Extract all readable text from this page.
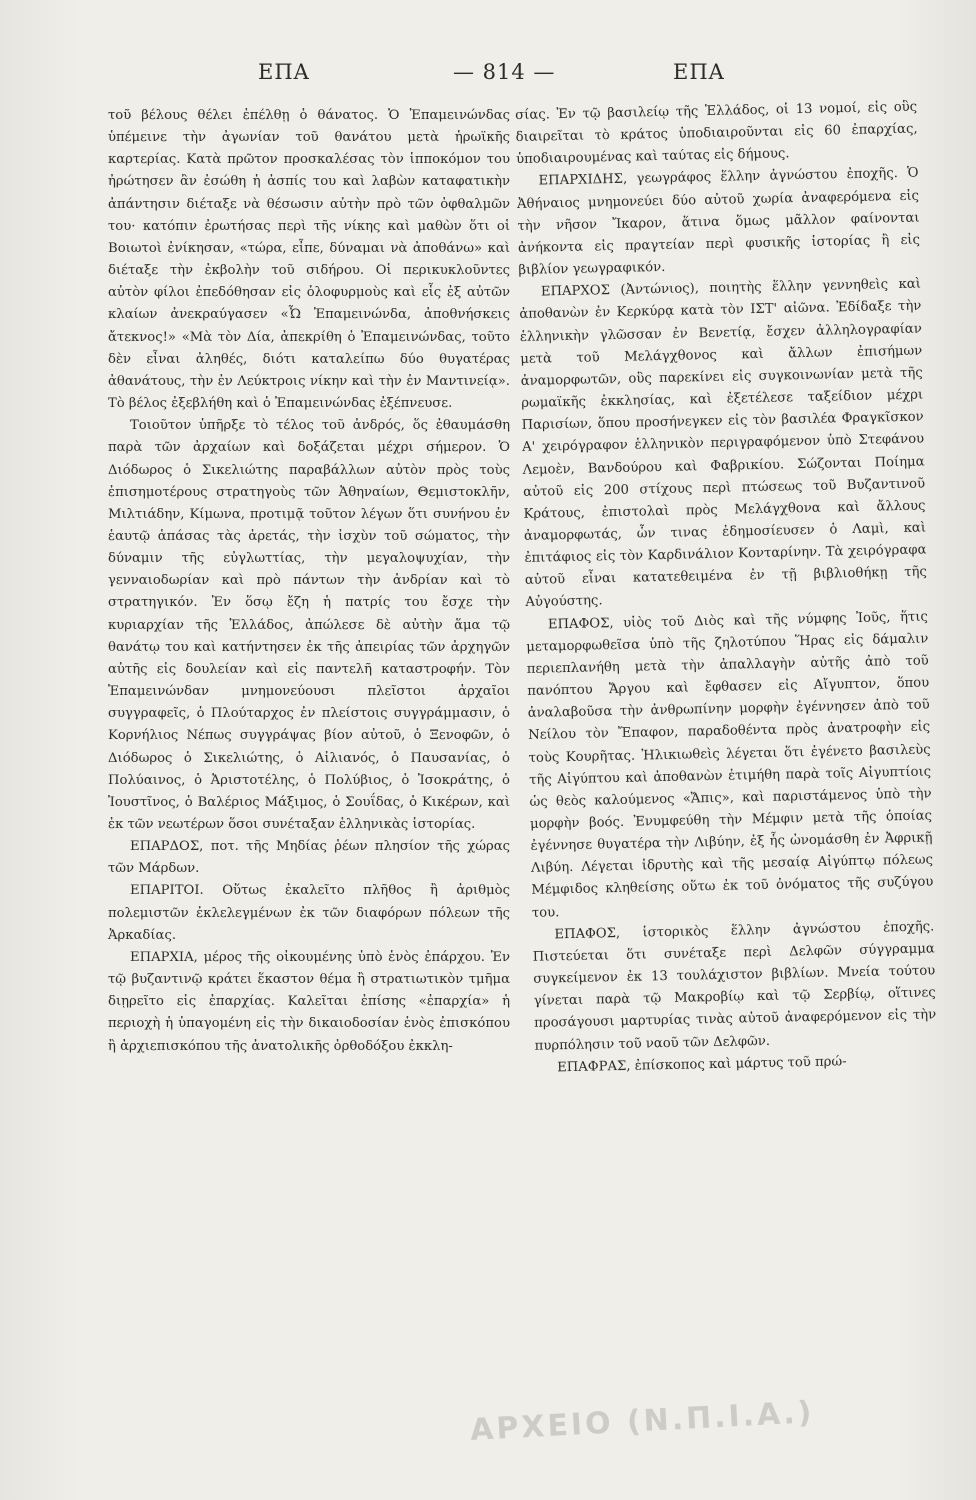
ΕΠΑ	— 814 —	ΕΠΑ

τοῦ βέλους θέλει ἐπέλθῃ ὁ θάνατος. Ὁ Ἐπαμεινώνδας ὑπέμεινε τὴν ἀγωνίαν τοῦ θανάτου μετὰ ἡρωϊκῆς καρτερίας. Κατὰ πρῶτον προσκαλέσας τὸν ἱπποκόμον του ἠρώτησεν ἂν ἐσώθη ἡ ἀσπίς του καὶ λαβὼν καταφατικὴν ἀπάντησιν διέταξε νὰ θέσωσιν αὐτὴν πρὸ τῶν ὀφθαλμῶν του· κατόπιν ἐρωτήσας περὶ τῆς νίκης καὶ μαθὼν ὅτι οἱ Βοιωτοὶ ἐνίκησαν, «τώρα, εἶπε, δύναμαι νὰ ἀποθάνω» καὶ διέταξε τὴν ἐκβολὴν τοῦ σιδήρου. Οἱ περικυκλοῦντες αὐτὸν φίλοι ἐπεδόθησαν εἰς ὀλοφυρμοὺς καὶ εἷς ἐξ αὐτῶν κλαίων ἀνεκραύγασεν «Ὦ Ἐπαμεινώνδα, ἀποθνήσκεις ἄτεκνος!» «Μὰ τὸν Δία, ἀπεκρίθη ὁ Ἐπαμεινώνδας, τοῦτο δὲν εἶναι ἀληθές, διότι καταλείπω δύο θυγατέρας ἀθανάτους, τὴν ἐν Λεύκτροις νίκην καὶ τὴν ἐν Μαντινείᾳ». Τὸ βέλος ἐξεβλήθη καὶ ὁ Ἐπαμεινώνδας ἐξέπνευσε.

Τοιοῦτον ὑπῆρξε τὸ τέλος τοῦ ἀνδρός, ὅς ἐθαυμάσθη παρὰ τῶν ἀρχαίων καὶ δοξάζεται μέχρι σήμερον. Ὁ Διόδωρος ὁ Σικελιώτης παραβάλλων αὐτὸν πρὸς τοὺς ἐπισημοτέρους στρατηγοὺς τῶν Ἀθηναίων, Θεμιστοκλῆν, Μιλτιάδην, Κίμωνα, προτιμᾷ τοῦτον λέγων ὅτι συνήνου ἐν ἑαυτῷ ἁπάσας τὰς ἀρετάς, τὴν ἰσχὺν τοῦ σώματος, τὴν δύναμιν τῆς εὐγλωττίας, τὴν μεγαλοψυχίαν, τὴν γενναιοδωρίαν καὶ πρὸ πάντων τὴν ἀνδρίαν καὶ τὸ στρατηγικόν. Ἐν ὅσῳ ἔζη ἡ πατρίς του ἔσχε τὴν κυριαρχίαν τῆς Ἑλλάδος, ἀπώλεσε δὲ αὐτὴν ἅμα τῷ θανάτῳ του καὶ κατήντησεν ἐκ τῆς ἀπειρίας τῶν ἀρχηγῶν αὐτῆς εἰς δουλείαν καὶ εἰς παντελῆ καταστροφήν. Τὸν Ἐπαμεινώνδαν μνημονεύουσι πλεῖστοι ἀρχαῖοι συγγραφεῖς, ὁ Πλούταρχος ἐν πλείστοις συγγράμμασιν, ὁ Κορνήλιος Νέπως συγγράψας βίον αὐτοῦ, ὁ Ξενοφῶν, ὁ Διόδωρος ὁ Σικελιώτης, ὁ Αἰλιανός, ὁ Παυσανίας, ὁ Πολύαινος, ὁ Ἀριστοτέλης, ὁ Πολύβιος, ὁ Ἰσοκράτης, ὁ Ἰουστῖνος, ὁ Βαλέριος Μάξιμος, ὁ Σουΐδας, ὁ Κικέρων, καὶ ἐκ τῶν νεωτέρων ὅσοι συνέταξαν ἑλληνικὰς ἱστορίας.

ΕΠΑΡΔΟΣ, ποτ. τῆς Μηδίας ῥέων πλησίον τῆς χώρας τῶν Μάρδων.

ΕΠΑΡΙΤΟΙ. Οὕτως ἐκαλεῖτο πλῆθος ἢ ἀριθμὸς πολεμιστῶν ἐκλελεγμένων ἐκ τῶν διαφόρων πόλεων τῆς Ἀρκαδίας.

ΕΠΑΡΧΙΑ, μέρος τῆς οἰκουμένης ὑπὸ ἑνὸς ἐπάρχου. Ἐν τῷ βυζαντινῷ κράτει ἕκαστον θέμα ἢ στρατιωτικὸν τμῆμα διῃρεῖτο εἰς ἐπαρχίας. Καλεῖται ἐπίσης «ἐπαρχία» ἡ περιοχὴ ἡ ὑπαγομένη εἰς τὴν δικαιοδοσίαν ἑνὸς ἐπισκόπου ἢ ἀρχιεπισκόπου τῆς ἀνατολικῆς ὀρθοδόξου ἐκκλη-

σίας. Ἐν τῷ βασιλείῳ τῆς Ἑλλάδος, οἱ 13 νομοί, εἰς οὓς διαιρεῖται τὸ κράτος ὑποδιαιροῦνται εἰς 60 ἐπαρχίας, ὑποδιαιρουμένας καὶ ταύτας εἰς δήμους.

ΕΠΑΡΧΙΔΗΣ, γεωγράφος ἕλλην ἀγνώστου ἐποχῆς. Ὁ Ἀθήναιος μνημονεύει δύο αὐτοῦ χωρία ἀναφερόμενα εἰς τὴν νῆσον Ἴκαρον, ἅτινα ὅμως μᾶλλον φαίνονται ἀνήκοντα εἰς πραγτείαν περὶ φυσικῆς ἱστορίας ἢ εἰς βιβλίον γεωγραφικόν.

ΕΠΑΡΧΟΣ (Ἀντώνιος), ποιητὴς ἕλλην γεννηθεὶς καὶ ἀποθανὼν ἐν Κερκύρᾳ κατὰ τὸν ΙΣΤ' αἰῶνα. Ἐδίδαξε τὴν ἑλληνικὴν γλῶσσαν ἐν Βενετίᾳ, ἔσχεν ἀλληλογραφίαν μετὰ τοῦ Μελάγχθονος καὶ ἄλλων ἐπισήμων ἀναμορφωτῶν, οὓς παρεκίνει εἰς συγκοινωνίαν μετὰ τῆς ρωμαϊκῆς ἐκκλησίας, καὶ ἐξετέλεσε ταξείδιον μέχρι Παρισίων, ὅπου προσήνεγκεν εἰς τὸν βασιλέα Φραγκῖσκον Α' χειρόγραφον ἑλληνικὸν περιγραφόμενον ὑπὸ Στεφάνου Λεμοὲν, Βανδούρου καὶ Φαβρικίου. Σώζονται Ποίημα αὐτοῦ εἰς 200 στίχους περὶ πτώσεως τοῦ Βυζαντινοῦ Κράτους, ἐπιστολαὶ πρὸς Μελάγχθονα καὶ ἄλλους ἀναμορφωτάς, ὧν τινας ἐδημοσίευσεν ὁ Λαμὶ, καὶ ἐπιτάφιος εἰς τὸν Καρδινάλιον Κονταρίνην. Τὰ χειρόγραφα αὐτοῦ εἶναι κατατεθειμένα ἐν τῇ βιβλιοθήκῃ τῆς Αὐγούστης.

ΕΠΑΦΟΣ, υἱὸς τοῦ Διὸς καὶ τῆς νύμφης Ἰοῦς, ἥτις μεταμορφωθεῖσα ὑπὸ τῆς ζηλοτύπου Ἥρας εἰς δάμαλιν περιεπλανήθη μετὰ τὴν ἀπαλλαγὴν αὐτῆς ἀπὸ τοῦ πανόπτου Ἄργου καὶ ἔφθασεν εἰς Αἴγυπτον, ὅπου ἀναλαβοῦσα τὴν ἀνθρωπίνην μορφὴν ἐγέννησεν ἀπὸ τοῦ Νείλου τὸν Ἔπαφον, παραδοθέντα πρὸς ἀνατροφὴν εἰς τοὺς Κουρῆτας. Ἡλικιωθεὶς λέγεται ὅτι ἐγένετο βασιλεὺς τῆς Αἰγύπτου καὶ ἀποθανὼν ἐτιμήθη παρὰ τοῖς Αἰγυπτίοις ὡς θεὸς καλούμενος «Ἄπις», καὶ παριστάμενος ὑπὸ τὴν μορφὴν βοός. Ἐνυμφεύθη τὴν Μέμφιν μετὰ τῆς ὁποίας ἐγέννησε θυγατέρα τὴν Λιβύην, ἐξ ἧς ὠνομάσθη ἐν Ἀφρικῇ Λιβύη. Λέγεται ἱδρυτὴς καὶ τῆς μεσαίᾳ Αἰγύπτῳ πόλεως Μέμφιδος κληθείσης οὕτω ἐκ τοῦ ὀνόματος τῆς συζύγου του.

ΕΠΑΦΟΣ, ἱστορικὸς ἕλλην ἀγνώστου ἐποχῆς. Πιστεύεται ὅτι συνέταξε περὶ Δελφῶν σύγγραμμα συγκείμενον ἐκ 13 τουλάχιστον βιβλίων. Μνεία τούτου γίνεται παρὰ τῷ Μακροβίῳ καὶ τῷ Σερβίῳ, οἵτινες προσάγουσι μαρτυρίας τινὰς αὐτοῦ ἀναφερόμενον εἰς τὴν πυρπόλησιν τοῦ ναοῦ τῶν Δελφῶν.

ΕΠΑΦΡΑΣ, ἐπίσκοπος καὶ μάρτυς τοῦ πρώ-

ΑΡΧΕΙΟ (Ν.Π.Ι.Α.)
